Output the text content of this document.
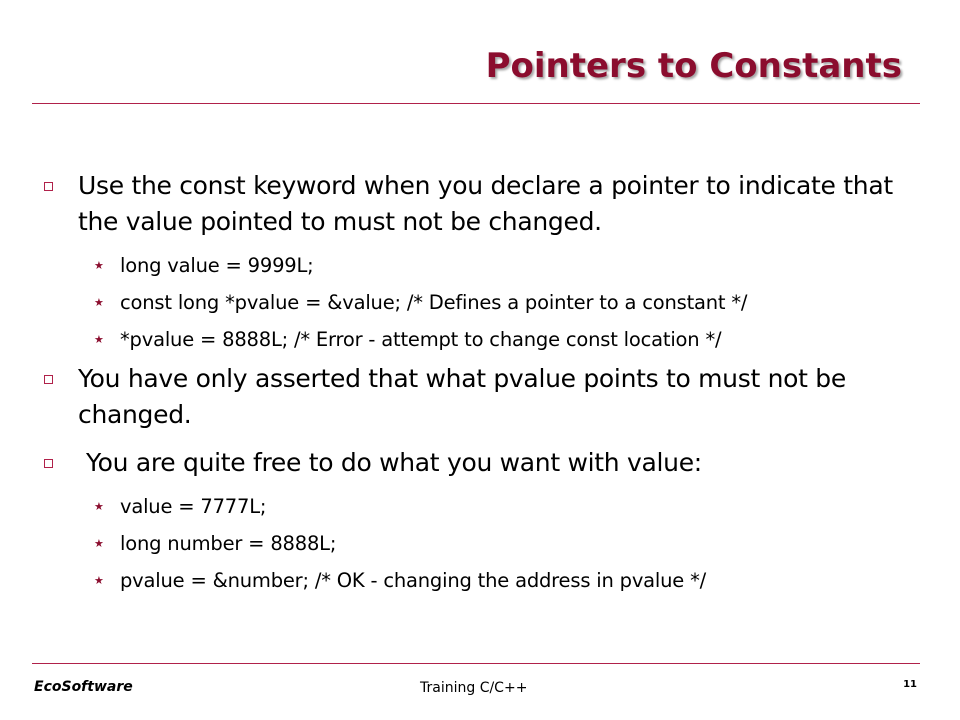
Pointers to Constants
Use the const keyword when you declare a pointer to indicate that the value pointed to must not be changed.
★ long value = 9999L;
★ const long *pvalue = &value; /* Defines a pointer to a constant */
★ *pvalue = 8888L; /* Error - attempt to change const location */
You have only asserted that what pvalue points to must not be changed.
You are quite free to do what you want with value:
★ value = 7777L;
★ long number = 8888L;
★ pvalue = &number; /* OK - changing the address in pvalue */
EcoSoftware	Training C/C++	11
